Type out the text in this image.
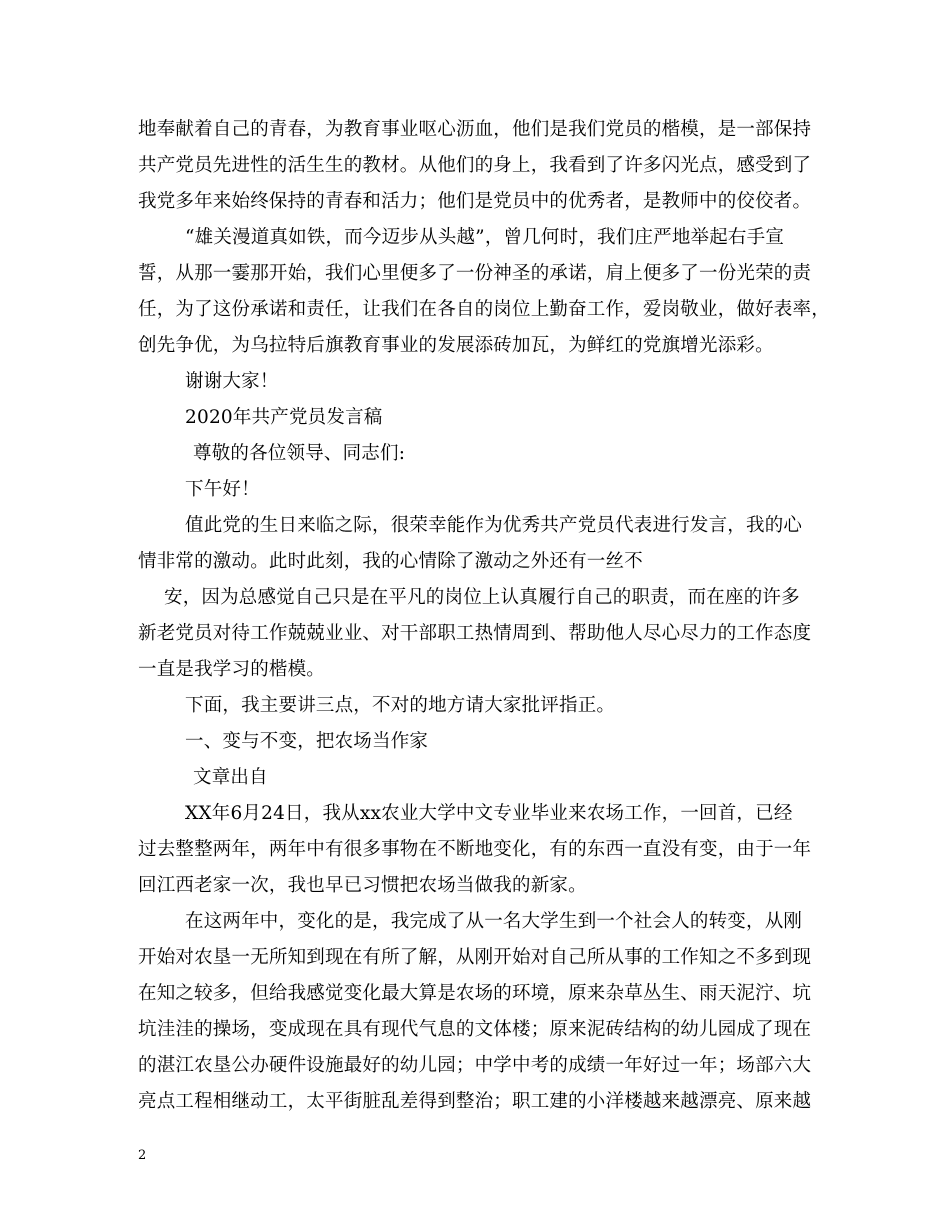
地奉献着自己的青春，为教育事业呕心沥血，他们是我们党员的楷模，是一部保持
共产党员先进性的活生生的教材。从他们的身上，我看到了许多闪光点，感受到了
我党多年来始终保持的青春和活力；他们是党员中的优秀者，是教师中的佼佼者。
“雄关漫道真如铁，而今迈步从头越”，曾几何时，我们庄严地举起右手宣
誓，从那一霎那开始，我们心里便多了一份神圣的承诺，肩上便多了一份光荣的责
任，为了这份承诺和责任，让我们在各自的岗位上勤奋工作，爱岗敬业，做好表率，
创先争优，为乌拉特后旗教育事业的发展添砖加瓦，为鲜红的党旗增光添彩。
谢谢大家！
2020年共产党员发言稿
尊敬的各位领导、同志们:
下午好！
值此党的生日来临之际，很荣幸能作为优秀共产党员代表进行发言，我的心
情非常的激动。此时此刻，我的心情除了激动之外还有一丝不
安，因为总感觉自己只是在平凡的岗位上认真履行自己的职责，而在座的许多
新老党员对待工作兢兢业业、对干部职工热情周到、帮助他人尽心尽力的工作态度
一直是我学习的楷模。
下面，我主要讲三点，不对的地方请大家批评指正。
一、变与不变，把农场当作家
文章出自
XX年6月24日，我从xx农业大学中文专业毕业来农场工作，一回首，已经
过去整整两年，两年中有很多事物在不断地变化，有的东西一直没有变，由于一年
回江西老家一次，我也早已习惯把农场当做我的新家。
在这两年中，变化的是，我完成了从一名大学生到一个社会人的转变，从刚
开始对农垦一无所知到现在有所了解，从刚开始对自己所从事的工作知之不多到现
在知之较多，但给我感觉变化最大算是农场的环境，原来杂草丛生、雨天泥泞、坑
坑洼洼的操场，变成现在具有现代气息的文体楼；原来泥砖结构的幼儿园成了现在
的湛江农垦公办硬件设施最好的幼儿园；中学中考的成绩一年好过一年；场部六大
亮点工程相继动工，太平街脏乱差得到整治；职工建的小洋楼越来越漂亮、原来越
2
